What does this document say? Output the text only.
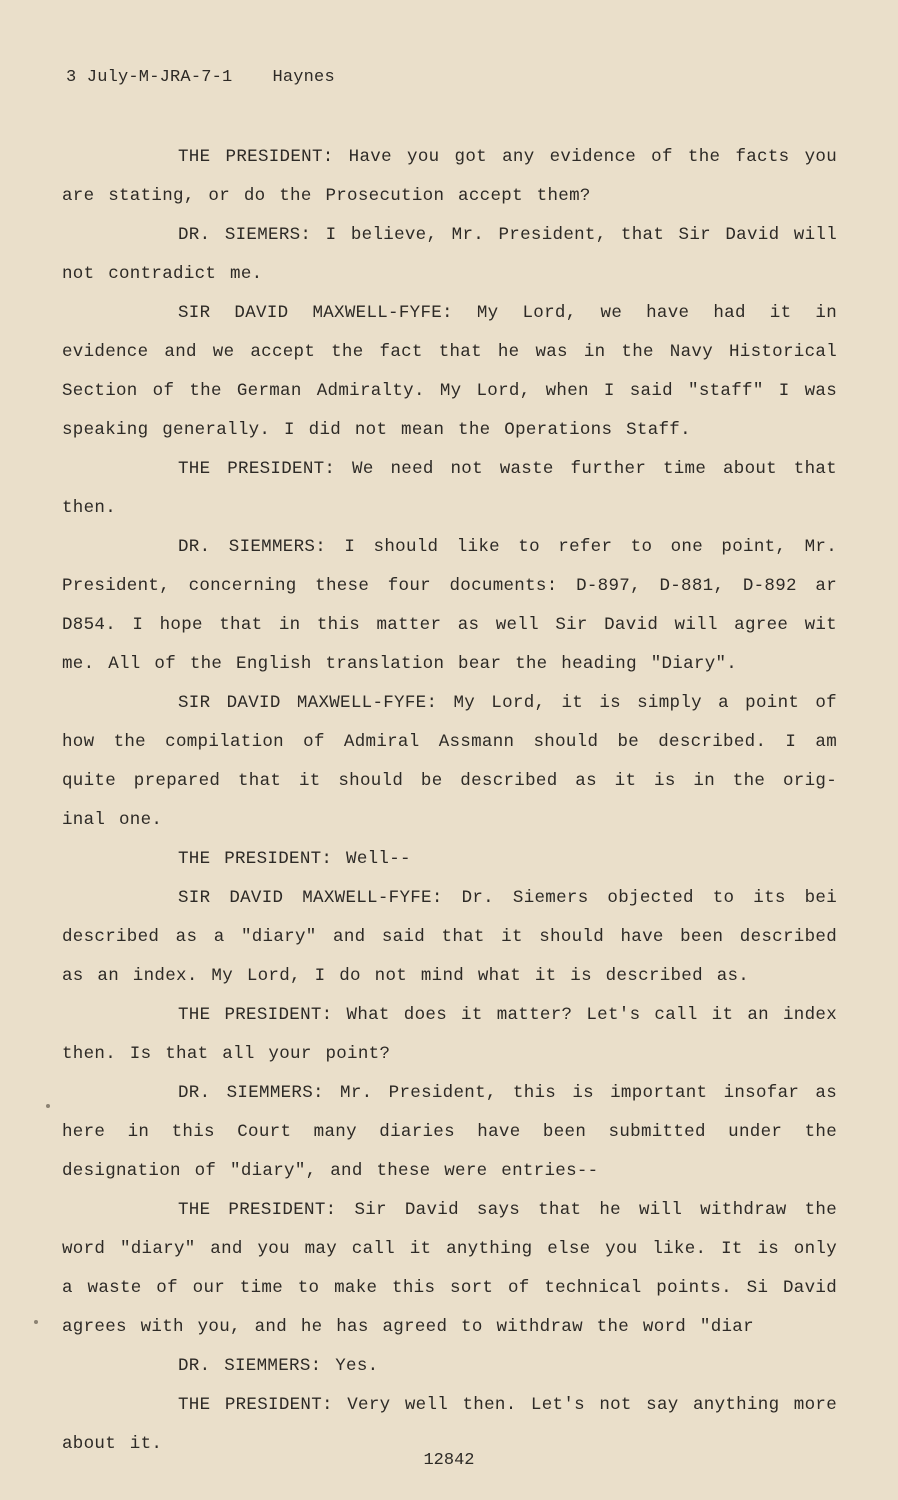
3 July-M-JRA-7-1 Haynes

THE PRESIDENT: Have you got any evidence of the facts you are stating, or do the Prosecution accept them?

DR. SIEMERS: I believe, Mr. President, that Sir David will not contradict me.

SIR DAVID MAXWELL-FYFE: My Lord, we have had it in evidence and we accept the fact that he was in the Navy Historical Section of the German Admiralty. My Lord, when I said "staff" I was speaking generally. I did not mean the Operations Staff.

THE PRESIDENT: We need not waste further time about that then.

DR. SIEMMERS: I should like to refer to one point, Mr. President, concerning these four documents: D-897, D-881, D-892 ar D854. I hope that in this matter as well Sir David will agree wit me. All of the English translation bear the heading "Diary".

SIR DAVID MAXWELL-FYFE: My Lord, it is simply a point of how the compilation of Admiral Assmann should be described. I am quite prepared that it should be described as it is in the orig- inal one.

THE PRESIDENT: Well--

SIR DAVID MAXWELL-FYFE: Dr. Siemers objected to its bei described as a "diary" and said that it should have been described as an index. My Lord, I do not mind what it is described as.

THE PRESIDENT: What does it matter? Let's call it an index then. Is that all your point?

DR. SIEMMERS: Mr. President, this is important insofar as here in this Court many diaries have been submitted under the designation of "diary", and these were entries--

THE PRESIDENT: Sir David says that he will withdraw the word "diary" and you may call it anything else you like. It is only a waste of our time to make this sort of technical points. Si David agrees with you, and he has agreed to withdraw the word "diar

DR. SIEMMERS: Yes.

THE PRESIDENT: Very well then. Let's not say anything more about it.

12842
